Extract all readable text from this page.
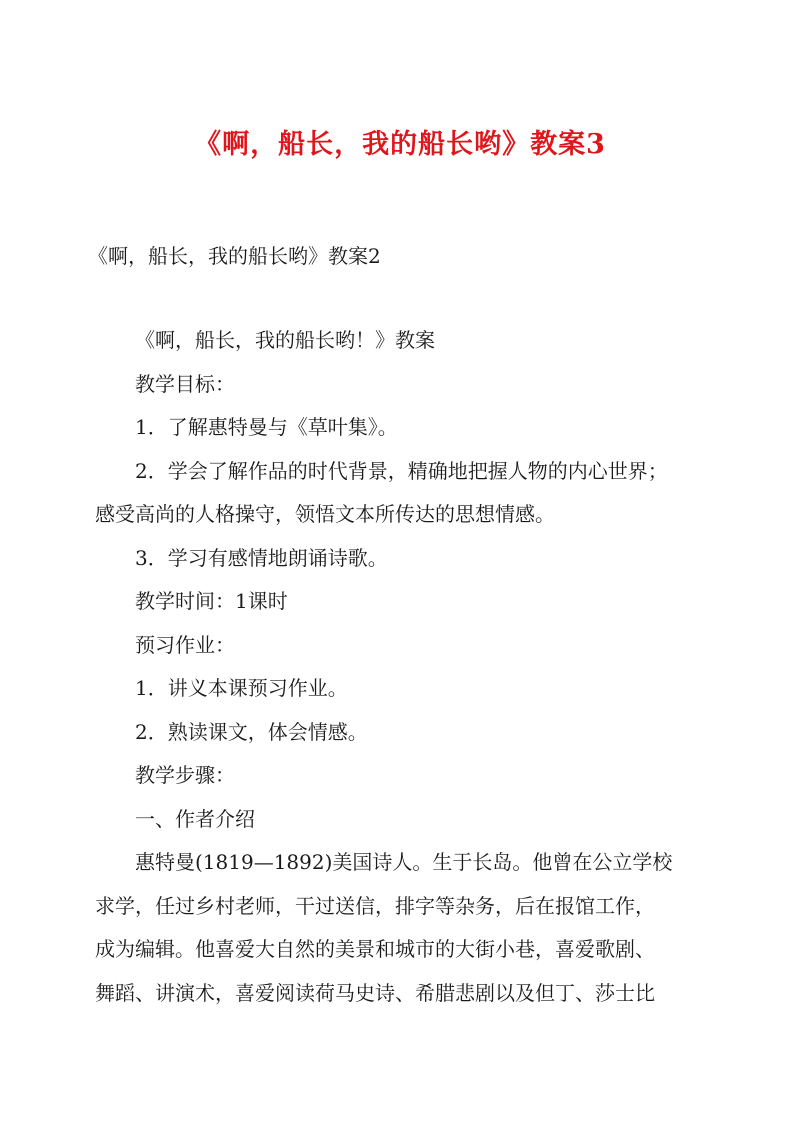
《啊，船长，我的船长哟》教案3
《啊，船长，我的船长哟》教案2
《啊，船长，我的船长哟！》教案
教学目标：
1．了解惠特曼与《草叶集》。
2．学会了解作品的时代背景，精确地把握人物的内心世界；
感受高尚的人格操守，领悟文本所传达的思想情感。
3．学习有感情地朗诵诗歌。
教学时间：1课时
预习作业：
1．讲义本课预习作业。
2．熟读课文，体会情感。
教学步骤：
一、作者介绍
惠特曼(1819—1892)美国诗人。生于长岛。他曾在公立学校
求学，任过乡村老师，干过送信，排字等杂务，后在报馆工作，
成为编辑。他喜爱大自然的美景和城市的大街小巷，喜爱歌剧、
舞蹈、讲演术，喜爱阅读荷马史诗、希腊悲剧以及但丁、莎士比
